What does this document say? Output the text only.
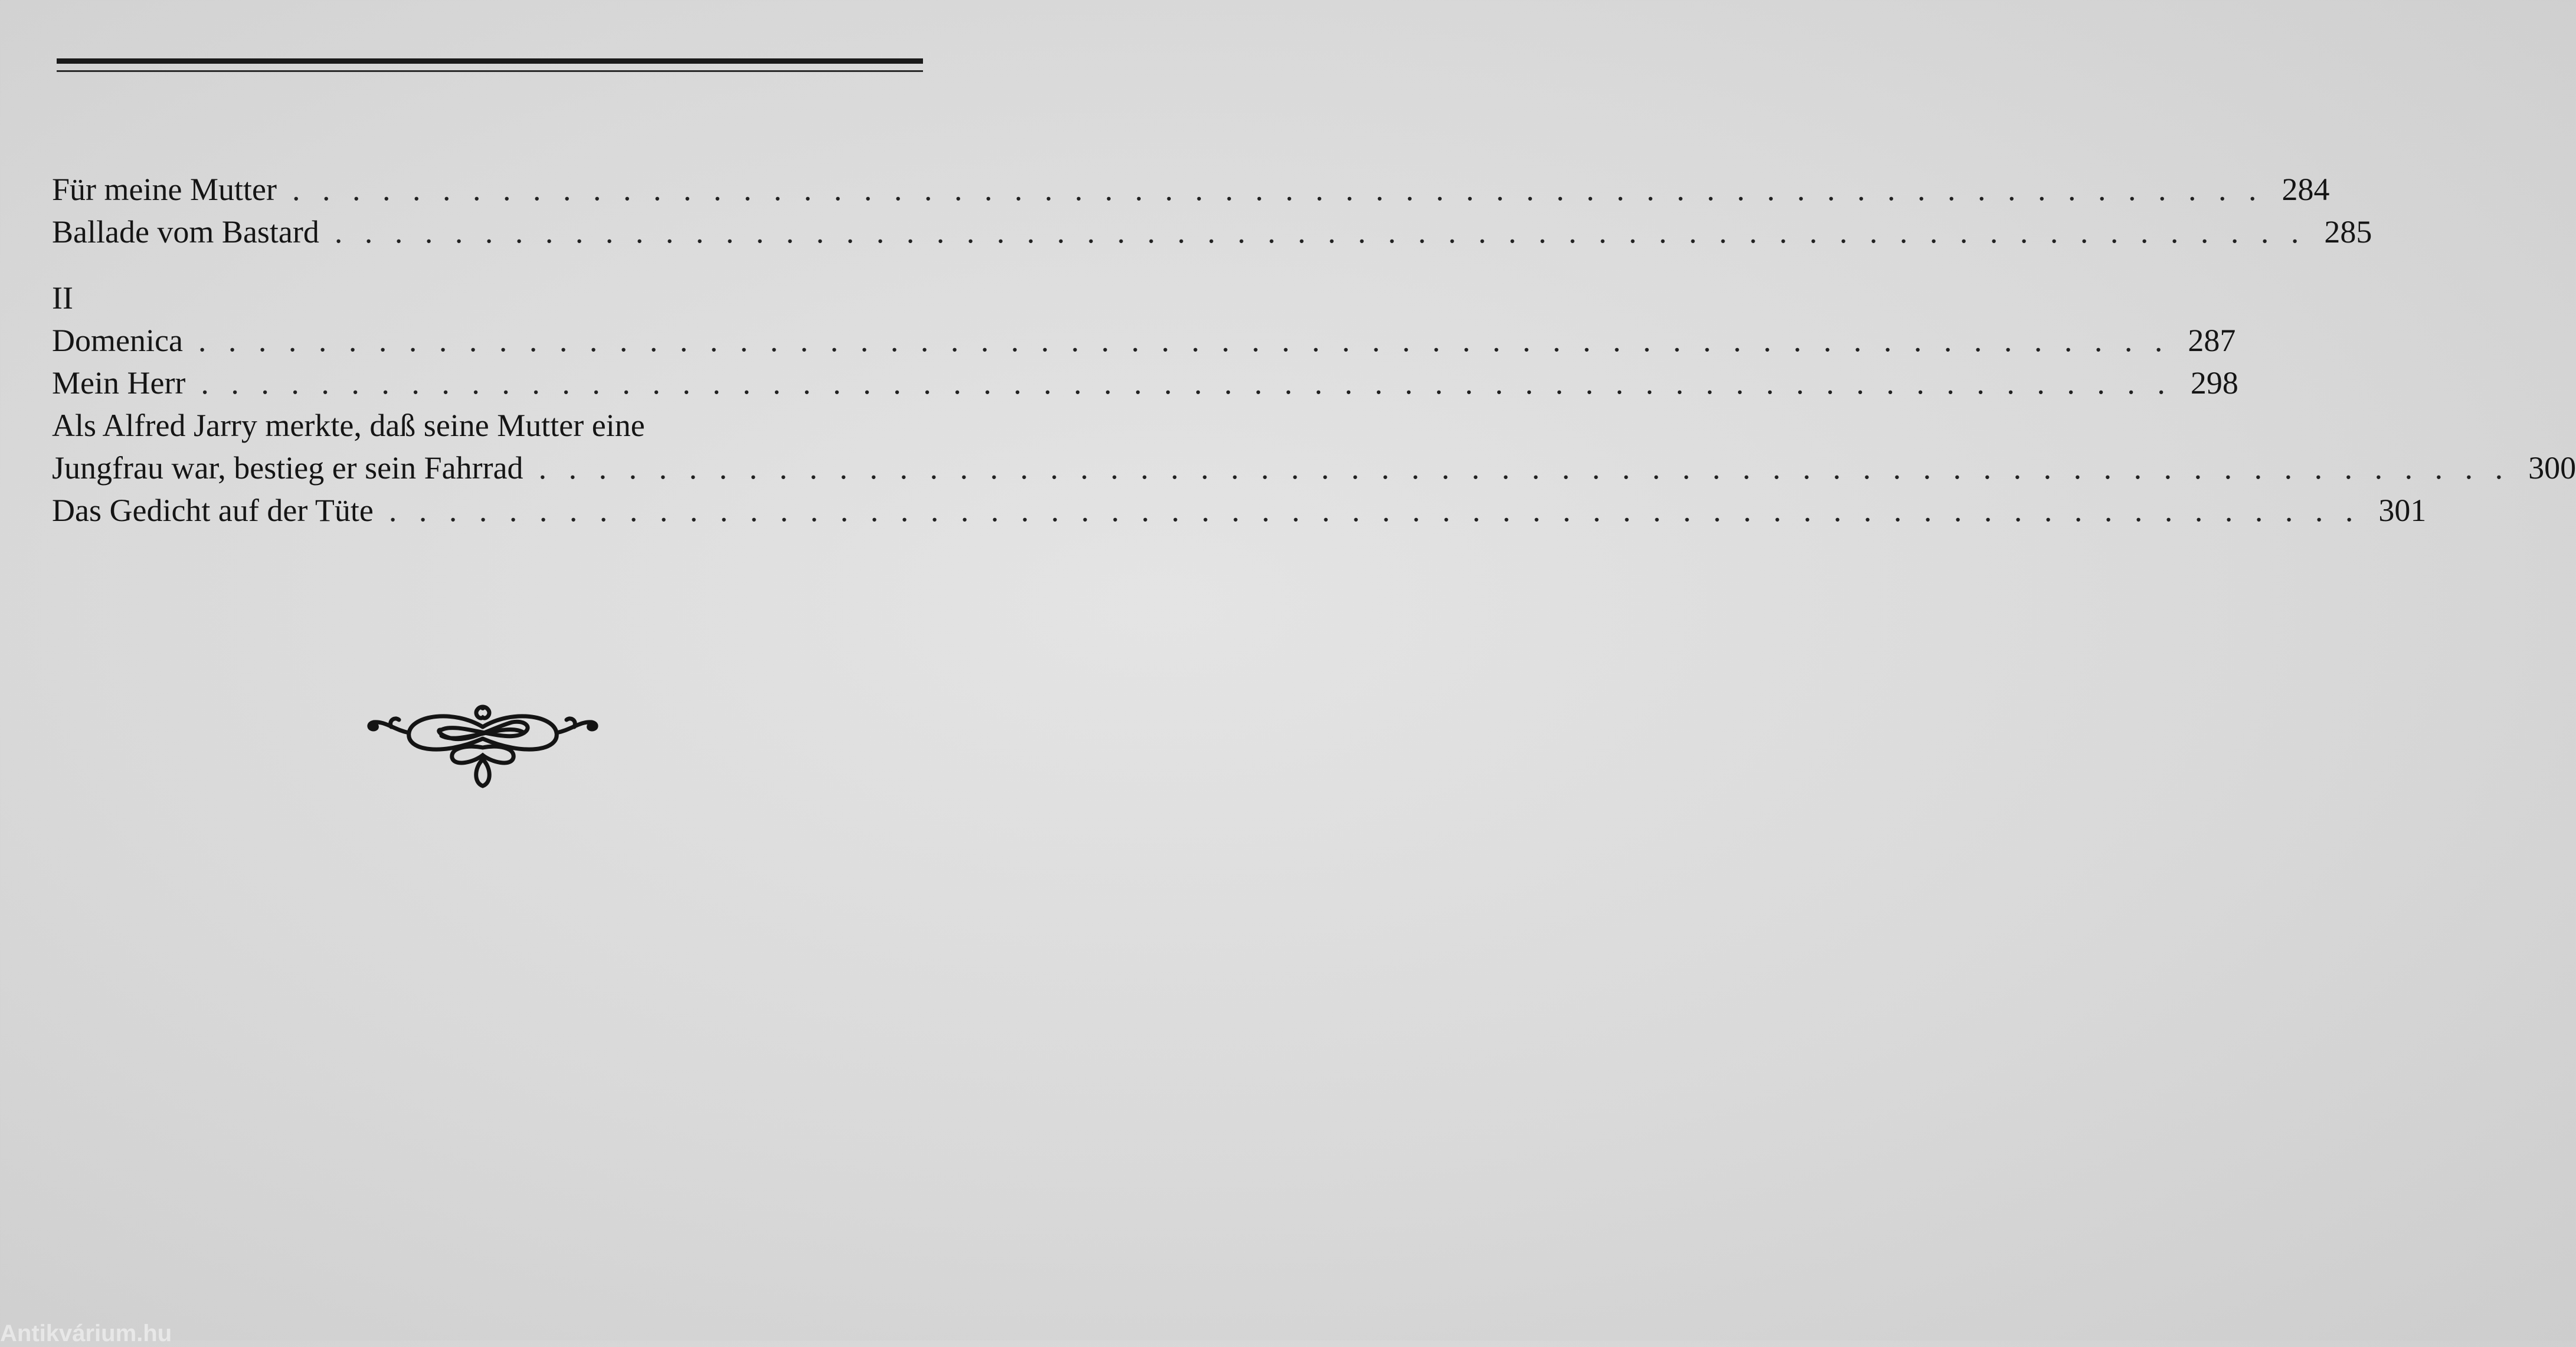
Für meine Mutter . . . . . . . . . . . . . . . . . . . . . . . . . . . . . . . . . . . . . . . . . . . . . . . . . . . . . . . . . . . . . . . . . . 284
Ballade vom Bastard . . . . . . . . . . . . . . . . . . . . . . . . . . . . . . . . . . . . . . . . . . . . . . . . . . . . . . . . . . . . . . . . . . 285
II
Domenica . . . . . . . . . . . . . . . . . . . . . . . . . . . . . . . . . . . . . . . . . . . . . . . . . . . . . . . . . . . . . . . . . . 287
Mein Herr . . . . . . . . . . . . . . . . . . . . . . . . . . . . . . . . . . . . . . . . . . . . . . . . . . . . . . . . . . . . . . . . . . 298
Als Alfred Jarry merkte, daß seine Mutter eine
Jungfrau war, bestieg er sein Fahrrad . . . . . . . . . . . . . . . . . . . . . . . . . . . . . . . . . . . . . . . . . . . . . . . . . . . . . . . . . . . . . . . . . . 300
Das Gedicht auf der Tüte . . . . . . . . . . . . . . . . . . . . . . . . . . . . . . . . . . . . . . . . . . . . . . . . . . . . . . . . . . . . . . . . . . 301
Antikvárium.hu
